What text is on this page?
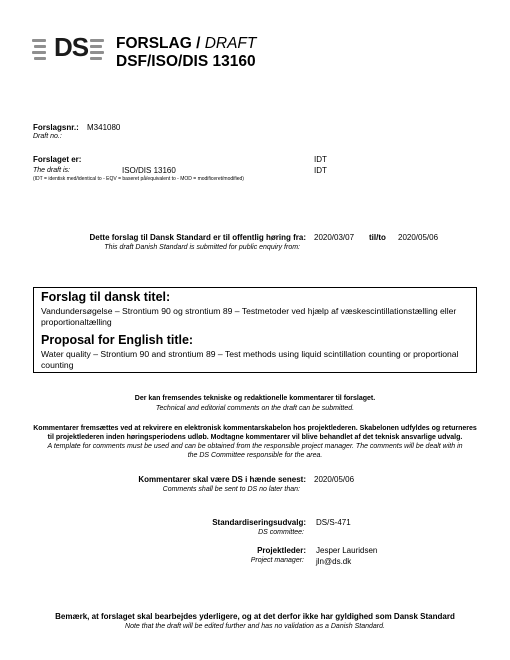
DS FORSLAG / DRAFT
DSF/ISO/DIS 13160
Forslagsnr.: M341080
Draft no.:
Forslaget er:	IDT
The draft is:	ISO/DIS 13160	IDT
(IDT = identisk med/identical to - EQV = baseret på/equivalent to - MOD = modificeret/modified)
Dette forslag til Dansk Standard er til offentlig høring fra: 2020/03/07 til/to 2020/05/06
This draft Danish Standard is submitted for public enquiry from:
Forslag til dansk titel:
Vandundersøgelse – Strontium 90 og strontium 89 – Testmetoder ved hjælp af væskescintillationstælling eller proportionaltælling
Proposal for English title:
Water quality – Strontium 90 and strontium 89 – Test methods using liquid scintillation counting or proportional counting
Der kan fremsendes tekniske og redaktionelle kommentarer til forslaget.
Technical and editorial comments on the draft can be submitted.
Kommentarer fremsættes ved at rekvirere en elektronisk kommentarskabelon hos projektlederen. Skabelonen udfyldes og returneres
til projektlederen inden høringsperiodens udløb. Modtagne kommentarer vil blive behandlet af det teknisk ansvarlige udvalg.
A template for comments must be used and can be obtained from the responsible project manager. The comments will be dealt with in
the DS Committee responsible for the area.
Kommentarer skal være DS i hænde senest: 2020/05/06
Comments shall be sent to DS no later than:
Standardiseringsudvalg: DS/S-471
DS committee:
Projektleder: Jesper Lauridsen
Project manager: jln@ds.dk
Bemærk, at forslaget skal bearbejdes yderligere, og at det derfor ikke har gyldighed som Dansk Standard
Note that the draft will be edited further and has no validation as a Danish Standard.
